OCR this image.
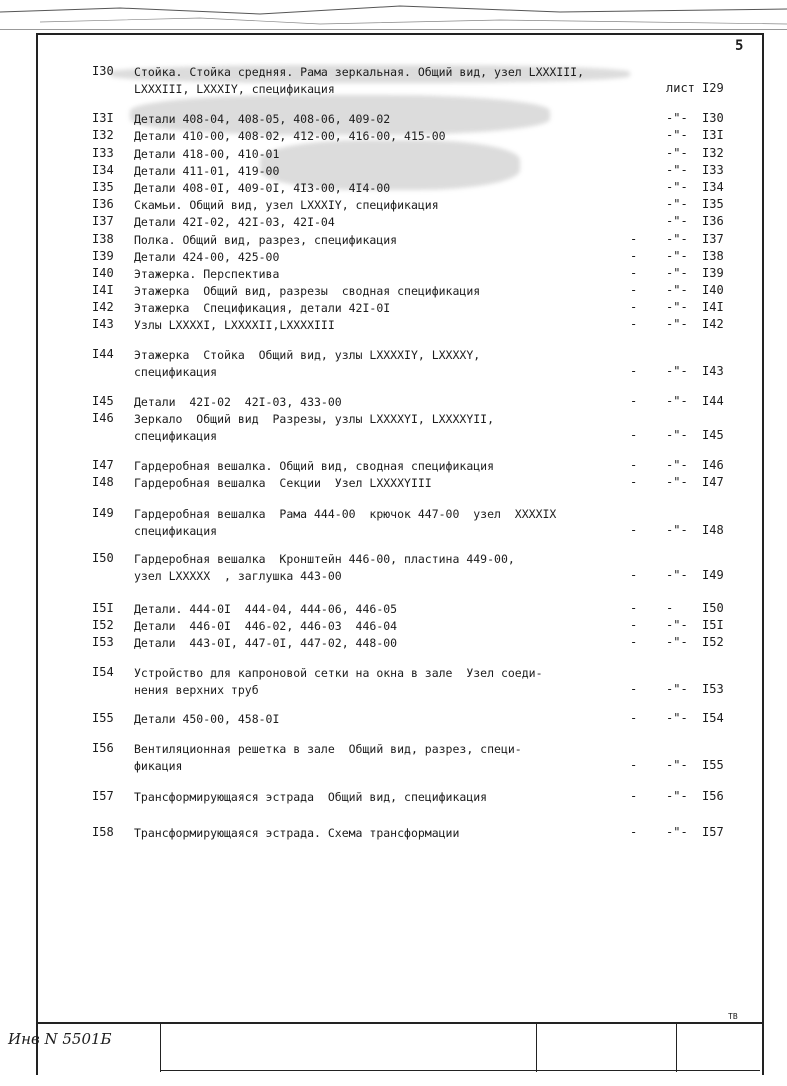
5
I30	Стойка. Стойка средняя. Рама зеркальная. Общий вид, узел LXXXIII,
LXXXIII, LXXXIY, спецификация	лист I29
I3I	Детали 408-04, 408-05, 408-06, 409-02	-"- I30
I32	Детали 410-00, 408-02, 412-00, 416-00, 415-00	-"- I3I
I33	Детали 418-00, 410-01	-"- I32
I34	Детали 411-01, 419-00	-"- I33
I35	Детали 408-0I, 409-0I, 4I3-00, 4I4-00	-"- I34
I36	Скамьи. Общий вид, узел LXXXIY, спецификация	-"- I35
I37	Детали 42I-02, 42I-03, 42I-04	-"- I36
I38	Полка. Общий вид, разрез, спецификация	- -"- I37
I39	Детали 424-00, 425-00	- -"- I38
I40	Этажерка. Перспектива	- -"- I39
I4I	Этажерка  Общий вид, разрезы  сводная спецификация	- -"- I40
I42	Этажерка  Спецификация, детали 42I-0I	- -"- I4I
I43	Узлы LXXXXI, LXXXXII,LXXXXIII	- -"- I42
I44	Этажерка  Стойка  Общий вид, узлы LXXXXIY, LXXXXY,
спецификация	- -"- I43
I45	Детали  42I-02  42I-03, 433-00	- -"- I44
I46	Зеркало  Общий вид  Разрезы, узлы LXXXXYI, LXXXXYII,
спецификация	- -"- I45
I47	Гардеробная вешалка. Общий вид, сводная спецификация	- -"- I46
I48	Гардеробная вешалка  Секции  Узел LXXXXYIII	- -"- I47
I49	Гардеробная вешалка  Рама 444-00  крючок 447-00  узел  XXXXIX
спецификация	- -"- I48
I50	Гардеробная вешалка  Кронштейн 446-00, пластина 449-00,
узел LXXXXX  , заглушка 443-00	- -"- I49
I5I	Детали. 444-0I  444-04, 444-06, 446-05	- - I50
I52	Детали  446-0I  446-02, 446-03  446-04	- -"- I5I
I53	Детали  443-0I, 447-0I, 447-02, 448-00	- -"- I52
I54	Устройство для капроновой сетки на окна в зале  Узел соеди-
нения верхних труб	- -"- I53
I55	Детали 450-00, 458-0I	- -"- I54
I56	Вентиляционная решетка в зале  Общий вид, разрез, специ-
фикация	- -"- I55
I57	Трансформирующаяся эстрада  Общий вид, спецификация	- -"- I56
I58	Трансформирующаяся эстрада. Схема трансформации	- -"- I57
ТВ
Инв N 5501Б
